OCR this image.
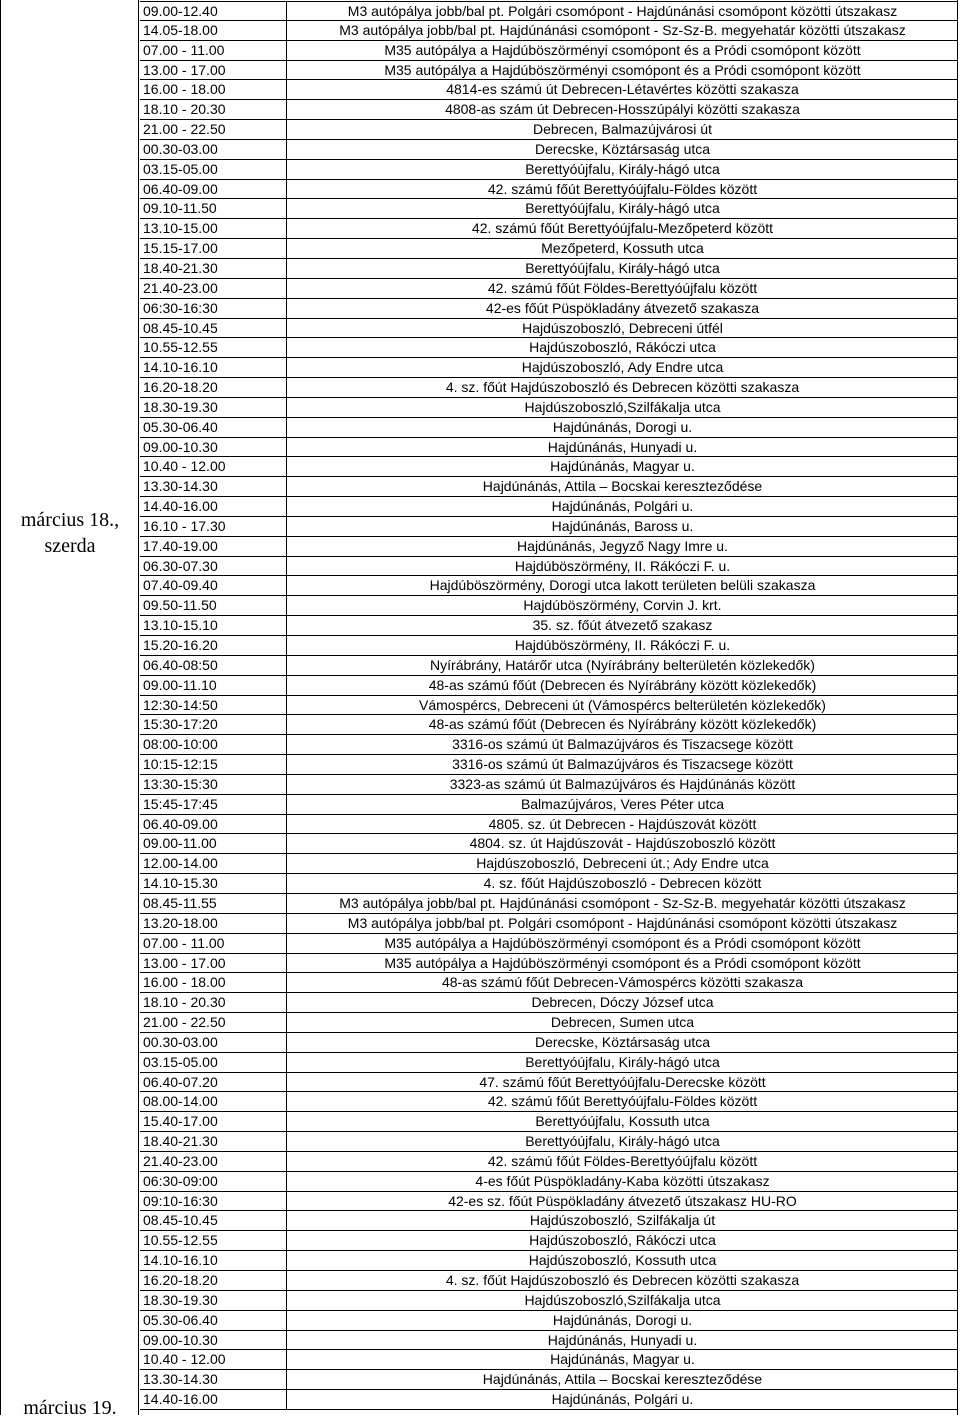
március 18., szerda
március 19.
09.00-12.40	M3 autópálya jobb/bal pt. Polgári csomópont - Hajdúnánási csomópont közötti útszakasz
14.05-18.00	M3 autópálya jobb/bal pt. Hajdúnánási csomópont - Sz-Sz-B. megyehatár közötti útszakasz
07.00 - 11.00	M35 autópálya a Hajdúböszörményi csomópont és a Pródi csomópont között
13.00 - 17.00	M35 autópálya a Hajdúböszörményi csomópont és a Pródi csomópont között
16.00 - 18.00	4814-es számú út Debrecen-Létavértes közötti szakasza
18.10 - 20.30	4808-as szám út Debrecen-Hosszúpályi közötti szakasza
21.00 - 22.50	Debrecen, Balmazújvárosi út
00.30-03.00	Derecske, Köztársaság utca
03.15-05.00	Berettyóújfalu, Király-hágó utca
06.40-09.00	42. számú főút Berettyóújfalu-Földes között
09.10-11.50	Berettyóújfalu, Király-hágó utca
13.10-15.00	42. számú főút Berettyóújfalu-Mezőpeterd között
15.15-17.00	Mezőpeterd, Kossuth utca
18.40-21.30	Berettyóújfalu, Király-hágó utca
21.40-23.00	42. számú főút Földes-Berettyóújfalu között
06:30-16:30	42-es főút Püspökladány átvezető szakasza
08.45-10.45	Hajdúszoboszló, Debreceni útfél
10.55-12.55	Hajdúszoboszló, Rákóczi utca
14.10-16.10	Hajdúszoboszló, Ady Endre utca
16.20-18.20	4. sz. főút Hajdúszoboszló és Debrecen közötti szakasza
18.30-19.30	Hajdúszoboszló,Szilfákalja utca
05.30-06.40	Hajdúnánás, Dorogi u.
09.00-10.30	Hajdúnánás, Hunyadi u.
10.40 - 12.00	Hajdúnánás, Magyar u.
13.30-14.30	Hajdúnánás, Attila – Bocskai kereszteződése
14.40-16.00	Hajdúnánás, Polgári u.
16.10 - 17.30	Hajdúnánás, Baross u.
17.40-19.00	Hajdúnánás, Jegyző Nagy Imre u.
06.30-07.30	Hajdúböszörmény, II. Rákóczi F. u.
07.40-09.40	Hajdúböszörmény, Dorogi utca lakott területen belüli szakasza
09.50-11.50	Hajdúböszörmény, Corvin J. krt.
13.10-15.10	35. sz. főút átvezető szakasz
15.20-16.20	Hajdúböszörmény, II. Rákóczi F. u.
06.40-08:50	Nyírábrány, Határőr utca (Nyírábrány belterületén közlekedők)
09.00-11.10	48-as számú főút (Debrecen és Nyírábrány között közlekedők)
12:30-14:50	Vámospércs, Debreceni út (Vámospércs belterületén közlekedők)
15:30-17:20	48-as számú főút (Debrecen és Nyírábrány között közlekedők)
08:00-10:00	3316-os számú út Balmazújváros és Tiszacsege között
10:15-12:15	3316-os számú út Balmazújváros és Tiszacsege között
13:30-15:30	3323-as számú út Balmazújváros és Hajdúnánás között
15:45-17:45	Balmazújváros, Veres Péter utca
06.40-09.00	4805. sz. út Debrecen - Hajdúszovát között
09.00-11.00	4804. sz. út Hajdúszovát - Hajdúszoboszló között
12.00-14.00	Hajdúszoboszló, Debreceni út.; Ady Endre utca
14.10-15.30	4. sz. főút Hajdúszoboszló - Debrecen között
08.45-11.55	M3 autópálya jobb/bal pt. Hajdúnánási csomópont - Sz-Sz-B. megyehatár közötti útszakasz
13.20-18.00	M3 autópálya jobb/bal pt. Polgári csomópont - Hajdúnánási csomópont közötti útszakasz
07.00 - 11.00	M35 autópálya a Hajdúböszörményi csomópont és a Pródi csomópont között
13.00 - 17.00	M35 autópálya a Hajdúböszörményi csomópont és a Pródi csomópont között
16.00 - 18.00	48-as számú főút Debrecen-Vámospércs közötti szakasza
18.10 - 20.30	Debrecen, Dóczy József utca
21.00 - 22.50	Debrecen, Sumen utca
00.30-03.00	Derecske, Köztársaság utca
03.15-05.00	Berettyóújfalu, Király-hágó utca
06.40-07.20	47. számú főút Berettyóújfalu-Derecske között
08.00-14.00	42. számú főút Berettyóújfalu-Földes között
15.40-17.00	Berettyóújfalu, Kossuth utca
18.40-21.30	Berettyóújfalu, Király-hágó utca
21.40-23.00	42. számú főút Földes-Berettyóújfalu között
06:30-09:00	4-es főút Püspökladány-Kaba közötti útszakasz
09:10-16:30	42-es sz. főút Püspökladány átvezető útszakasz HU-RO
08.45-10.45	Hajdúszoboszló, Szilfákalja út
10.55-12.55	Hajdúszoboszló, Rákóczi utca
14.10-16.10	Hajdúszoboszló, Kossuth utca
16.20-18.20	4. sz. főút Hajdúszoboszló és Debrecen közötti szakasza
18.30-19.30	Hajdúszoboszló,Szilfákalja utca
05.30-06.40	Hajdúnánás, Dorogi u.
09.00-10.30	Hajdúnánás, Hunyadi u.
10.40 - 12.00	Hajdúnánás, Magyar u.
13.30-14.30	Hajdúnánás, Attila – Bocskai kereszteződése
14.40-16.00	Hajdúnánás, Polgári u.
